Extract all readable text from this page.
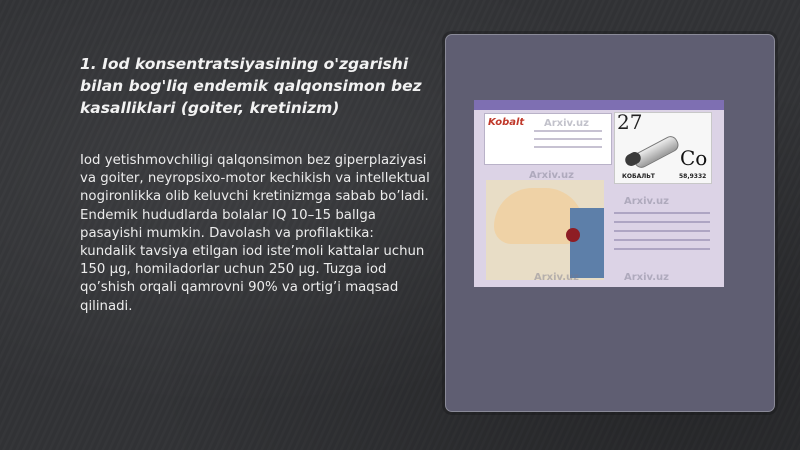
1. Iod konsentratsiyasining o'zgarishi bilan bog'liq endemik qalqonsimon bez kasalliklari (goiter, kretinizm)

Iod yetishmovchiligi qalqonsimon bez giperplaziyasi va goiter, neyropsixo-motor kechikish va intellektual nogironlikka olib keluvchi kretinizmga sabab bo’ladi. Endemik hududlarda bolalar IQ 10–15 ballga pasayishi mumkin. Davolash va profilaktika: kundalik tavsiya etilgan iod iste’moli kattalar uchun 150 µg, homiladorlar uchun 250 µg. Tuzga iod qo’shish orqali qamrovni 90% va ortig’i maqsad qilinadi.

Kobalt	27
Co
КОБАЛЬТ	58,9332
Arxiv.uz
Arxiv.uz
Arxiv.uz
Arxiv.uz	Arxiv.uz
